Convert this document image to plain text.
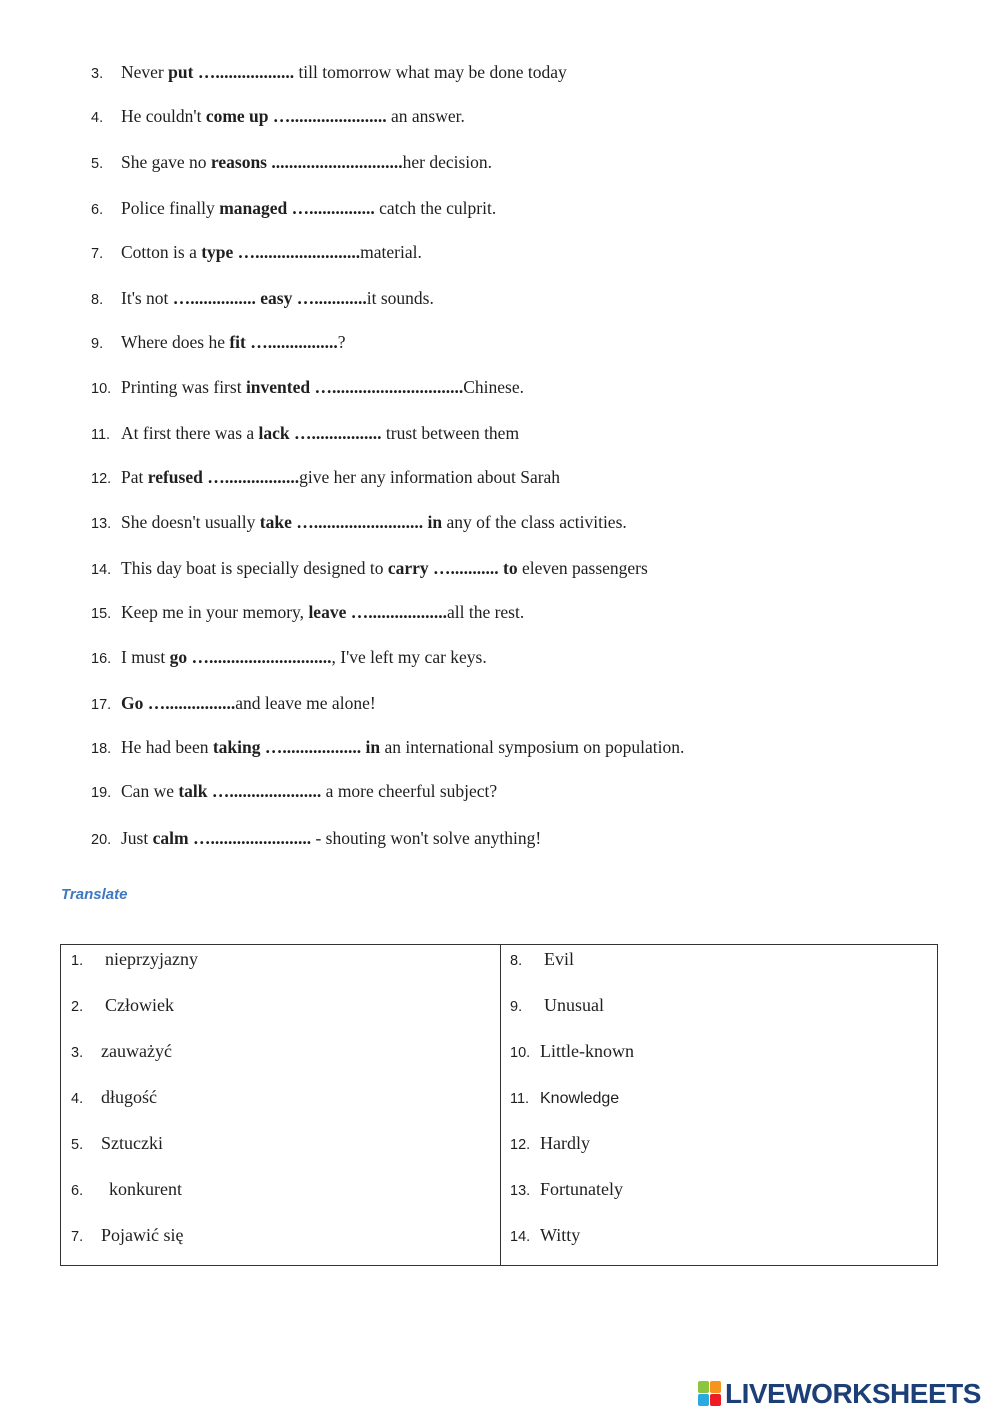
3. Never put ….................. till tomorrow what may be done today
4. He couldn't come up …...................... an answer.
5. She gave no reasons ..............................her decision.
6. Police finally managed …............... catch the culprit.
7. Cotton is a type …........................material.
8. It's not …............... easy …............it sounds.
9. Where does he fit …................?
10. Printing was first invented …..............................Chinese.
11. At first there was a lack …................ trust between them
12. Pat refused ….................give her any information about Sarah
13. She doesn't usually take …......................... in any of the class activities.
14. This day boat is specially designed to carry …........... to eleven passengers
15. Keep me in your memory, leave …..................all the rest.
16. I must go …............................, I've left my car keys.
17. Go …................and leave me alone!
18. He had been taking ….................. in an international symposium on population.
19. Can we talk …..................... a more cheerful subject?
20. Just calm …....................... - shouting won't solve anything!
Translate
1. nieprzyjazny
2. Człowiek
3. zauważyć
4. długość
5. Sztuczki
6. konkurent
7. Pojawić się
8. Evil
9. Unusual
10. Little-known
11. Knowledge
12. Hardly
13. Fortunately
14. Witty
LIVEWORKSHEETS
